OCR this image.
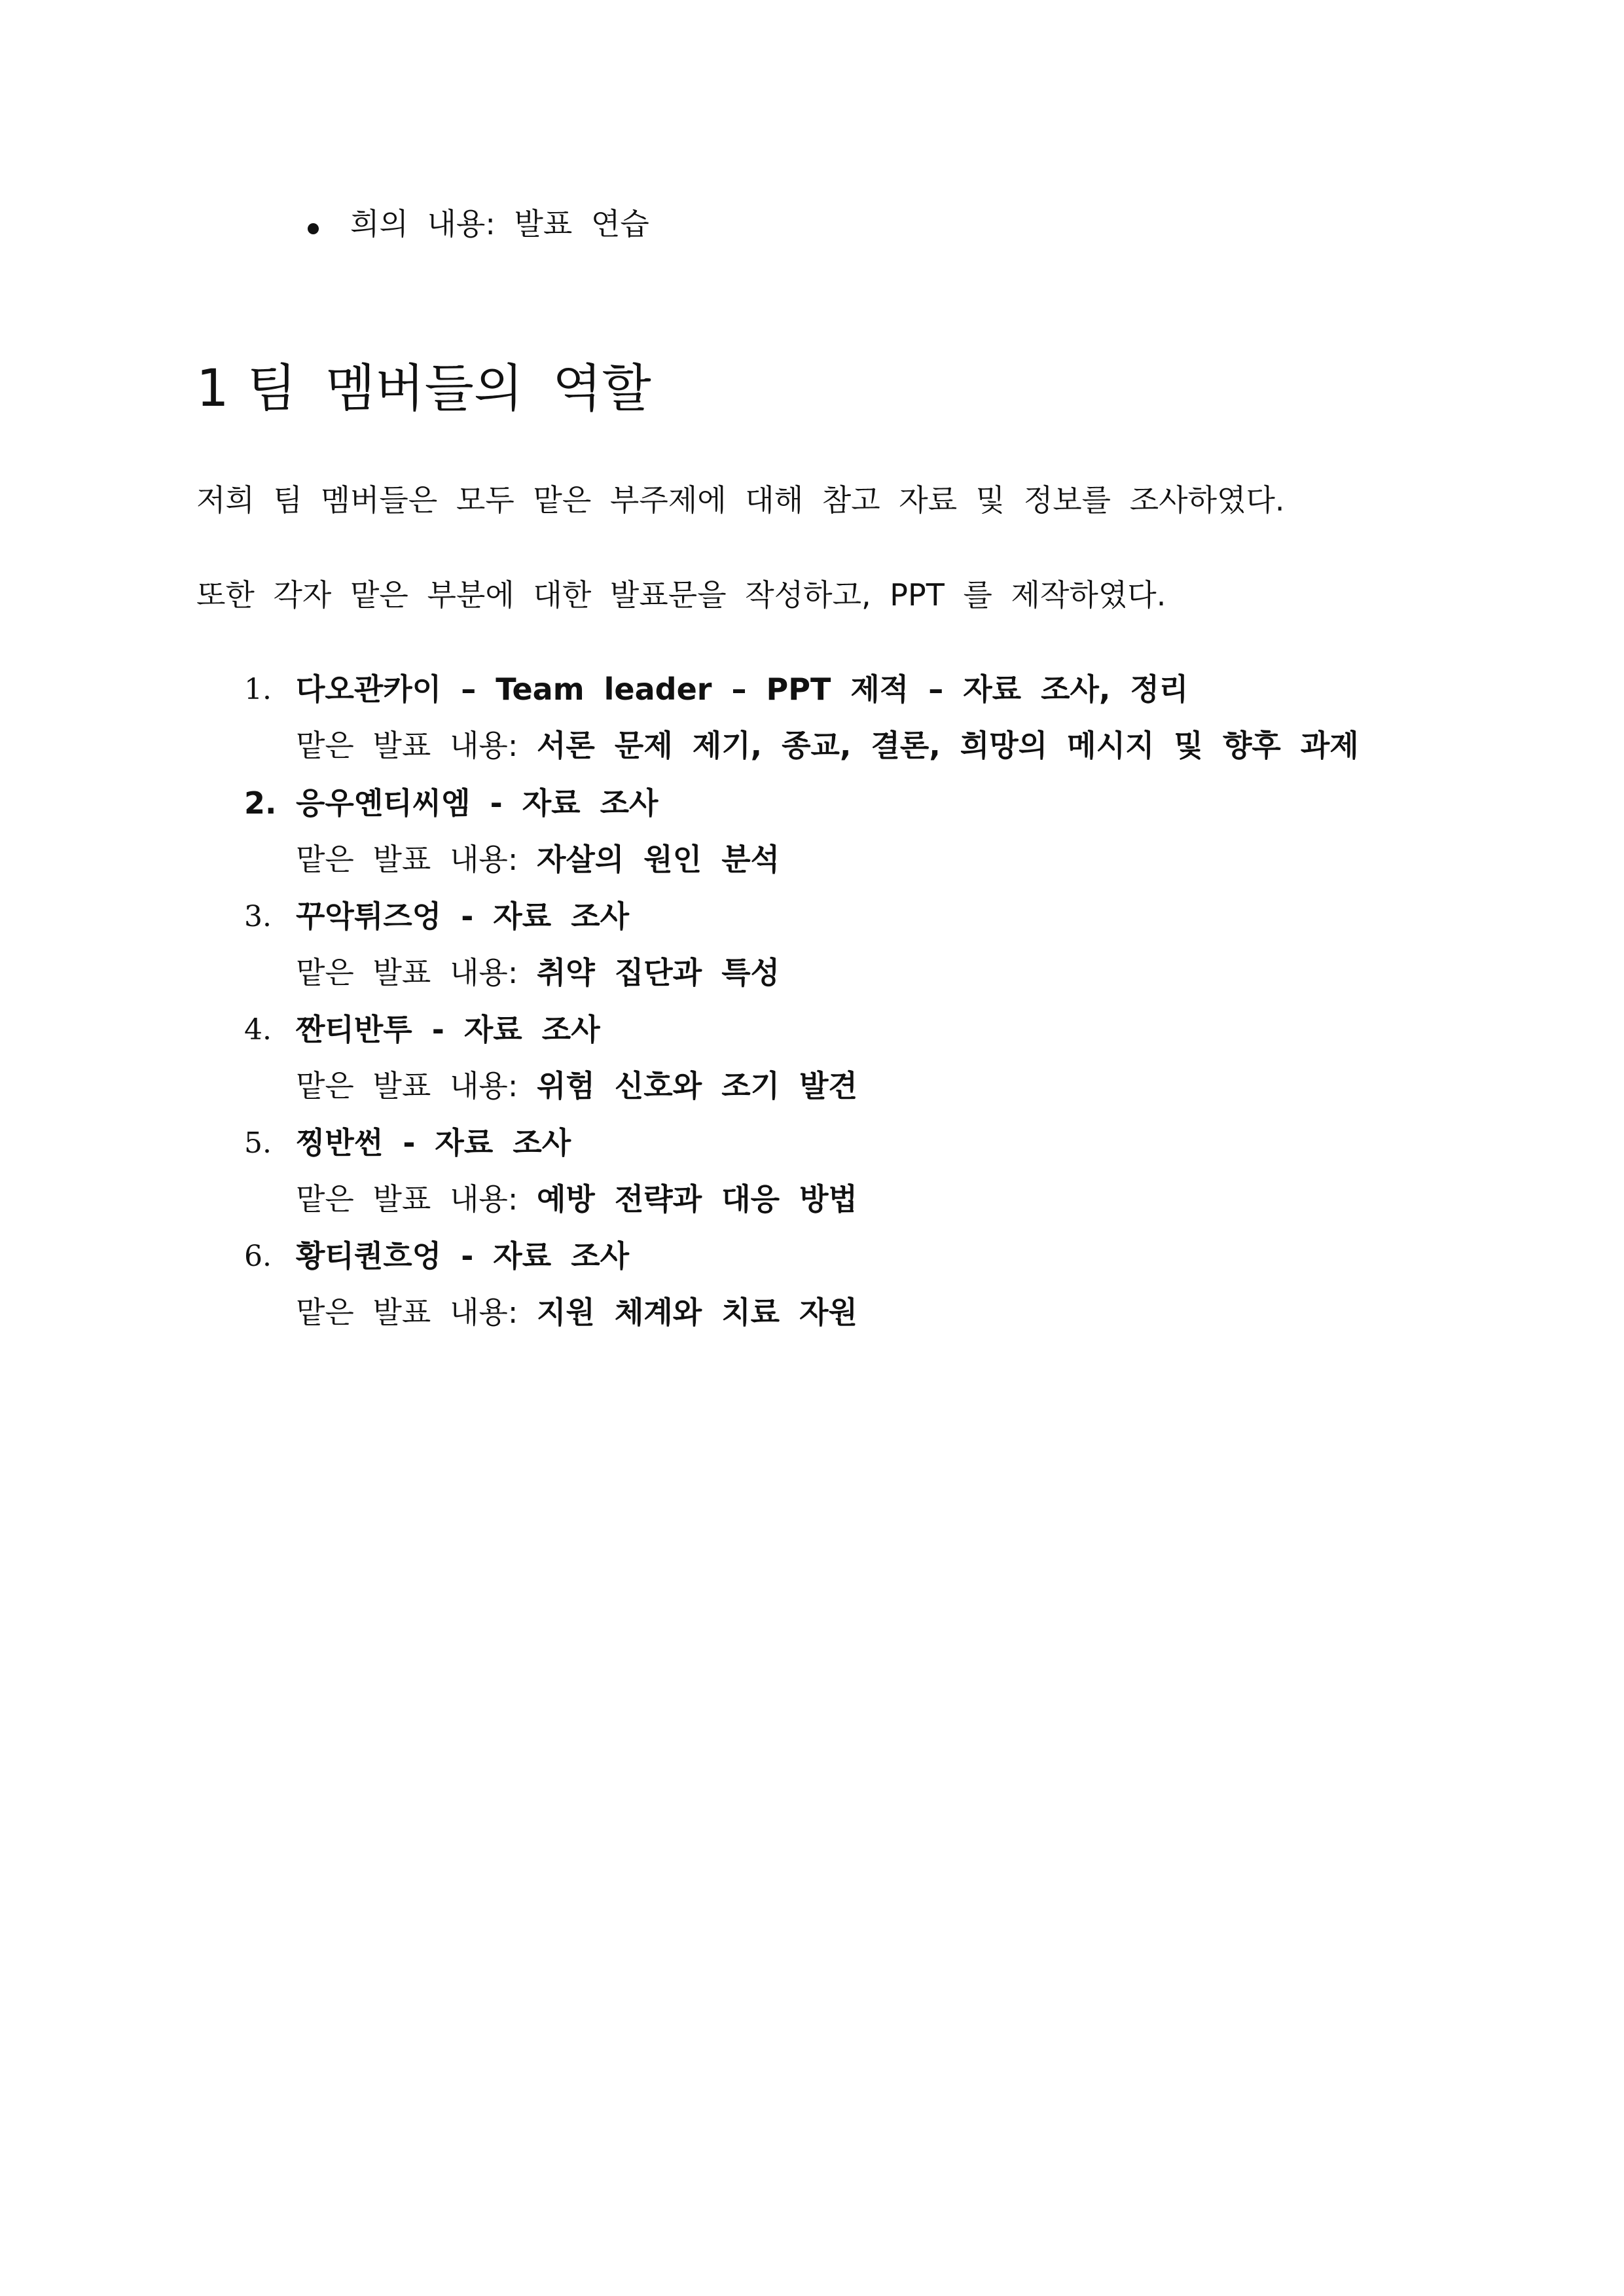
희의 내용: 발표 연습
1 팀 멤버들의 역할
저희 팀 멤버들은 모두 맡은 부주제에 대해 참고 자료 및 정보를 조사하였다.
또한 각자 맡은 부분에 대한 발표문을 작성하고, PPT 를 제작하였다.
1. 다오관카이 – Team leader – PPT 제적 – 자료 조사, 정리
맡은 발표 내용: 서론 문제 제기, 종교, 결론, 희망의 메시지 및 향후 과제
2. 응우옌티씨엠 - 자료 조사
맡은 발표 내용: 자살의 원인 분석
3. 꾸악튀즈엉 - 자료 조사
맡은 발표 내용: 취약 집단과 특성
4. 짠티반투 - 자료 조사
맡은 발표 내용: 위험 신호와 조기 발견
5. 찡반썬 - 자료 조사
맡은 발표 내용: 예방 전략과 대응 방법
6. 황티퀀흐엉 - 자료 조사
맡은 발표 내용: 지원 체계와 치료 자원
